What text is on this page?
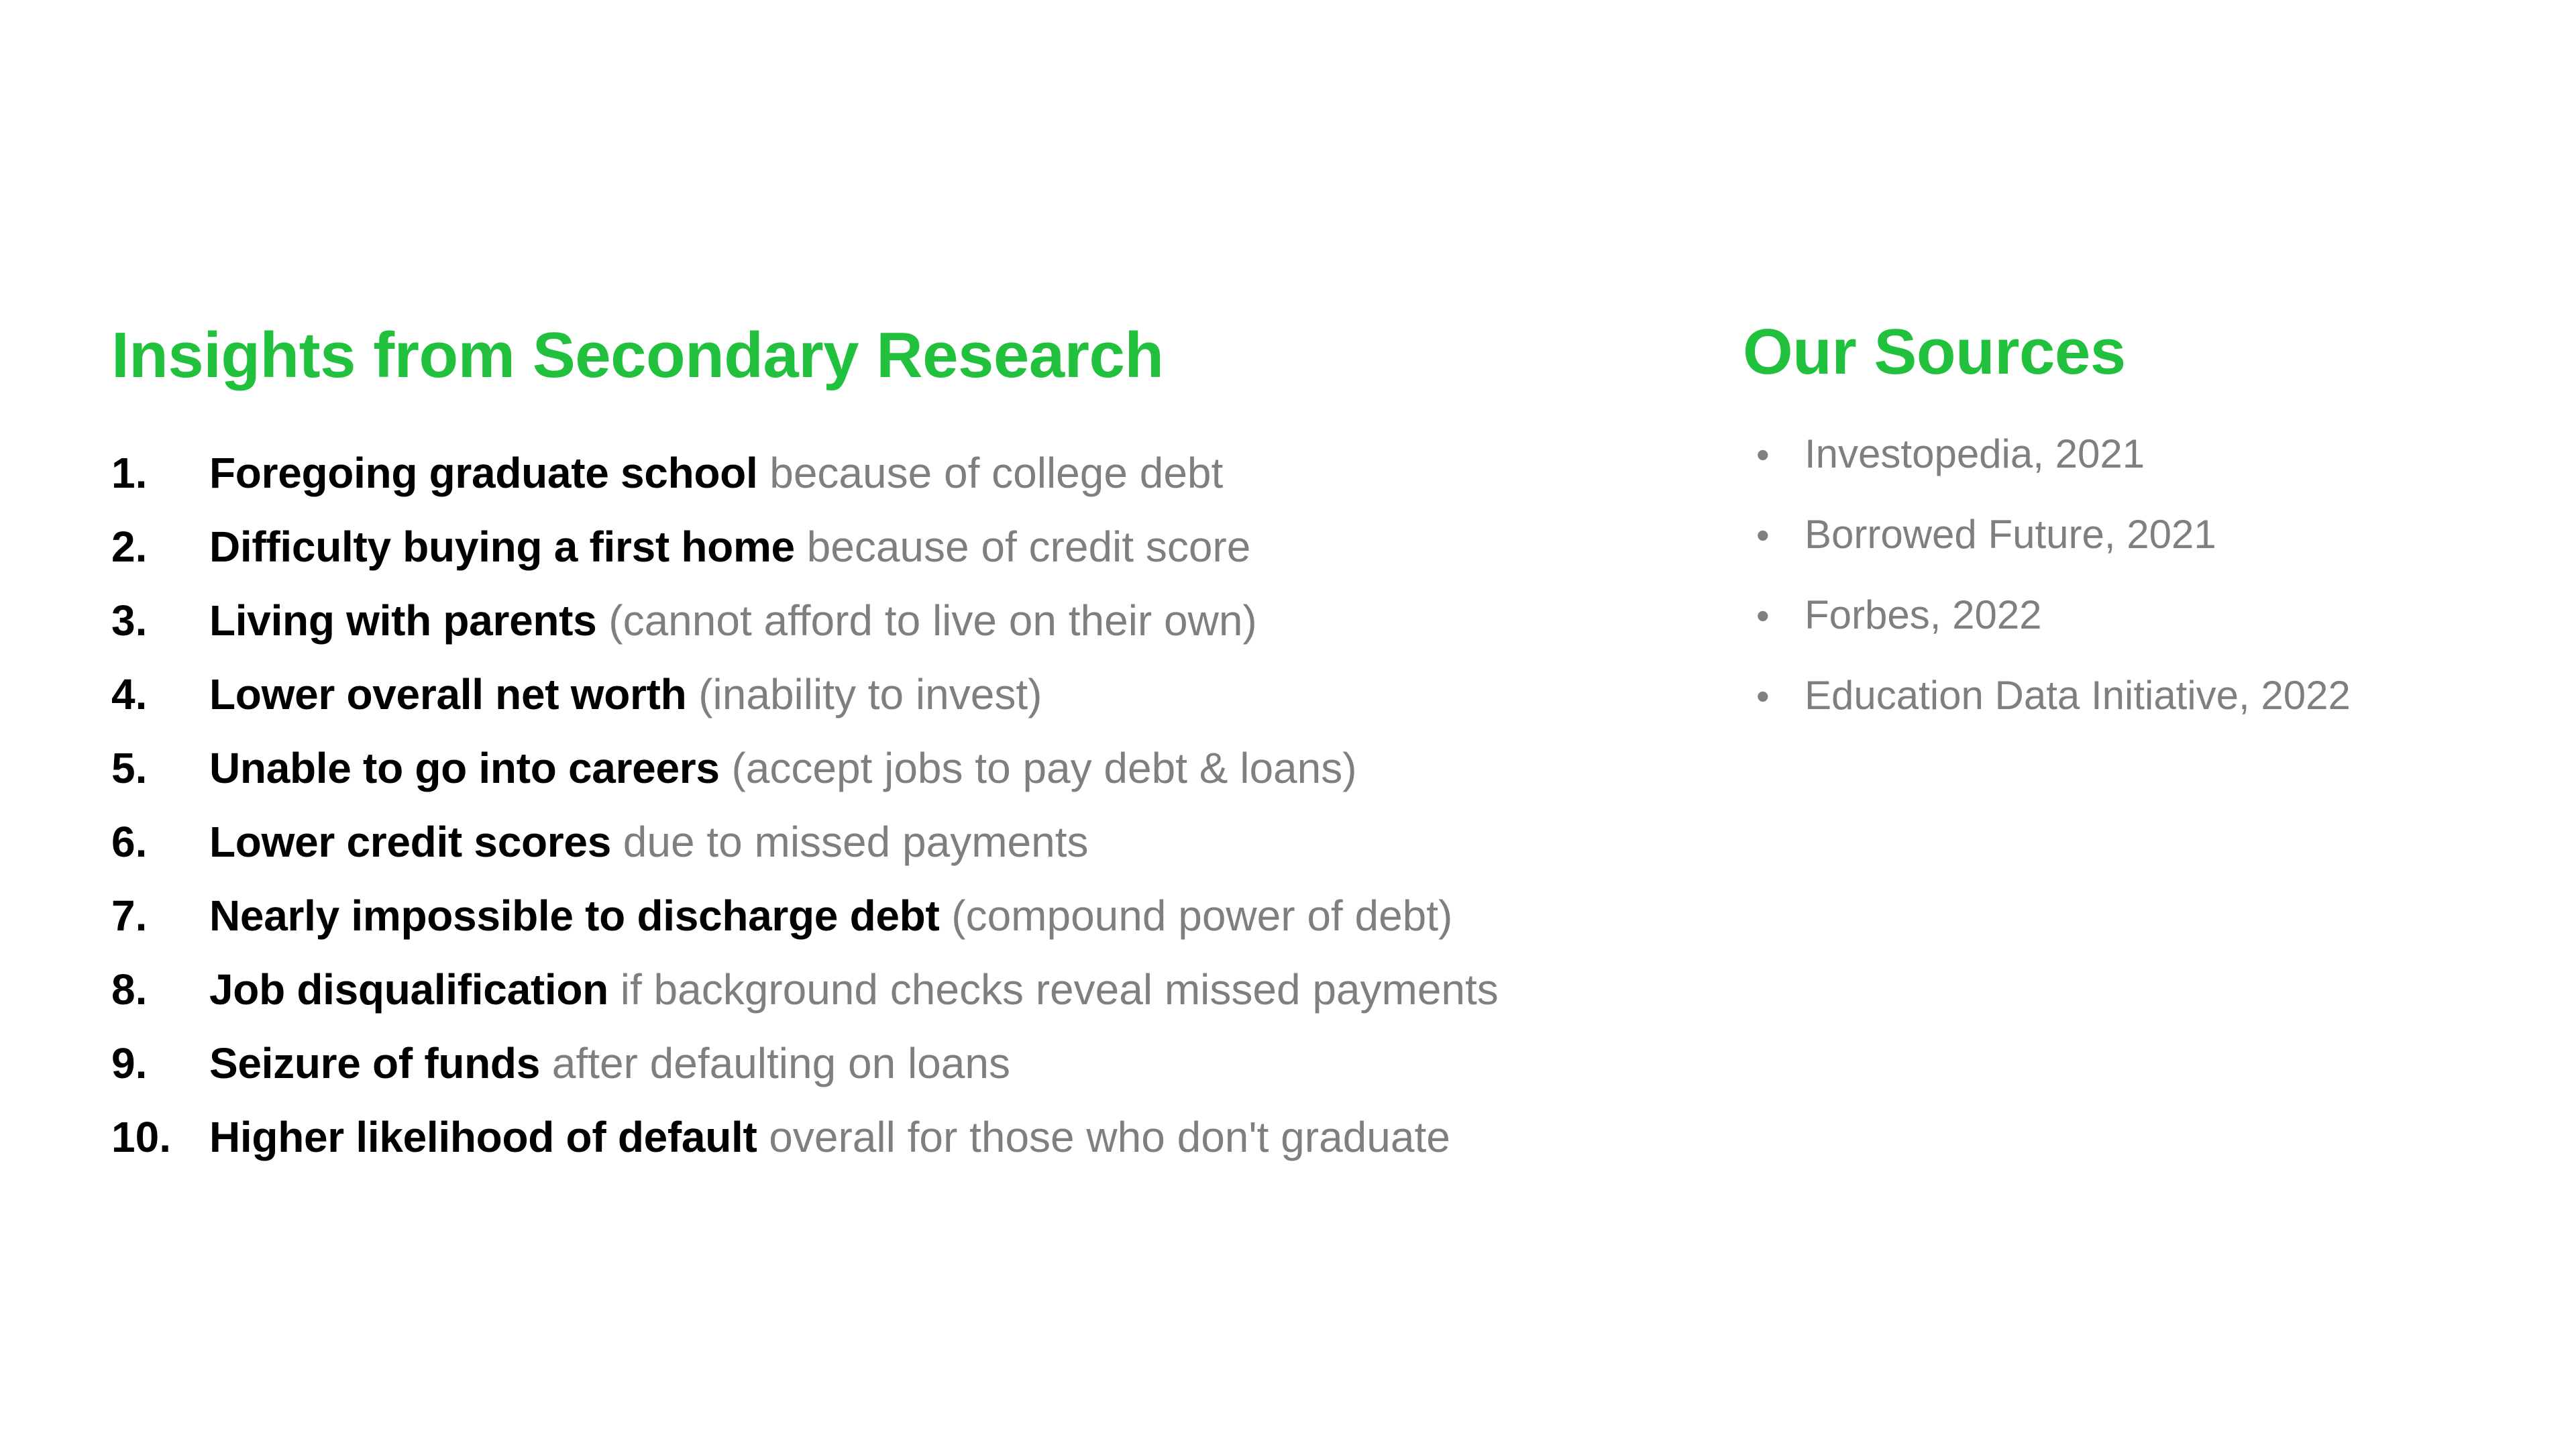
Insights from Secondary Research
1.	Foregoing graduate school because of college debt
2.	Difficulty buying a first home because of credit score
3.	Living with parents (cannot afford to live on their own)
4.	Lower overall net worth (inability to invest)
5.	Unable to go into careers (accept jobs to pay debt & loans)
6.	Lower credit scores due to missed payments
7.	Nearly impossible to discharge debt (compound power of debt)
8.	Job disqualification if background checks reveal missed payments
9.	Seizure of funds after defaulting on loans
10. Higher likelihood of default overall for those who don't graduate
Our Sources
• Investopedia, 2021
• Borrowed Future, 2021
• Forbes, 2022
• Education Data Initiative, 2022
